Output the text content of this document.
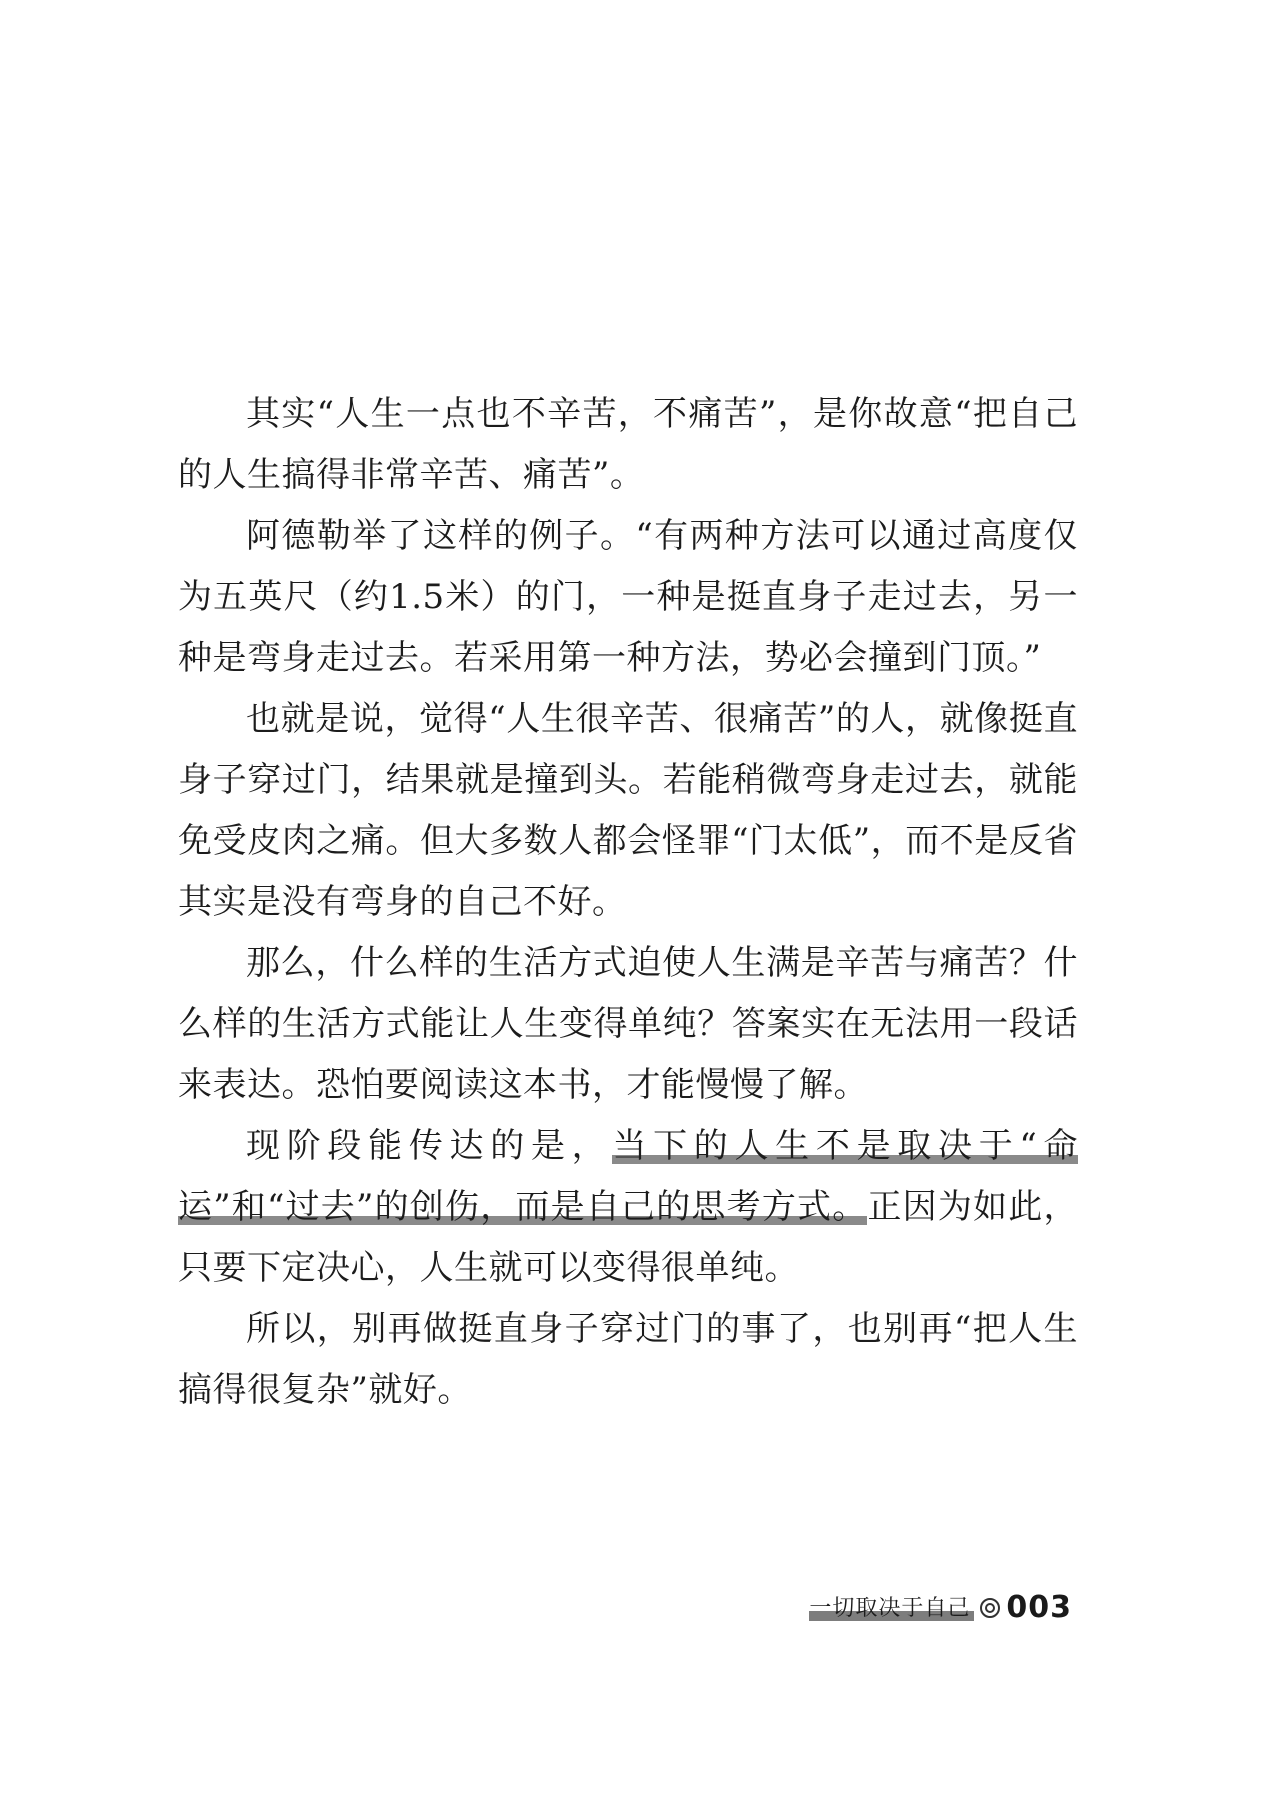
其实“人生一点也不辛苦，不痛苦”，是你故意“把自己的人生搞得非常辛苦、痛苦”。

阿德勒举了这样的例子。“有两种方法可以通过高度仅为五英尺（约1.5米）的门，一种是挺直身子走过去，另一种是弯身走过去。若采用第一种方法，势必会撞到门顶。”

也就是说，觉得“人生很辛苦、很痛苦”的人，就像挺直身子穿过门，结果就是撞到头。若能稍微弯身走过去，就能免受皮肉之痛。但大多数人都会怪罪“门太低”，而不是反省其实是没有弯身的自己不好。

那么，什么样的生活方式迫使人生满是辛苦与痛苦？什么样的生活方式能让人生变得单纯？答案实在无法用一段话来表达。恐怕要阅读这本书，才能慢慢了解。

现阶段能传达的是，当下的人生不是取决于“命运”和“过去”的创伤，而是自己的思考方式。正因为如此，只要下定决心，人生就可以变得很单纯。

所以，别再做挺直身子穿过门的事了，也别再“把人生搞得很复杂”就好。

一切取决于自己 003
